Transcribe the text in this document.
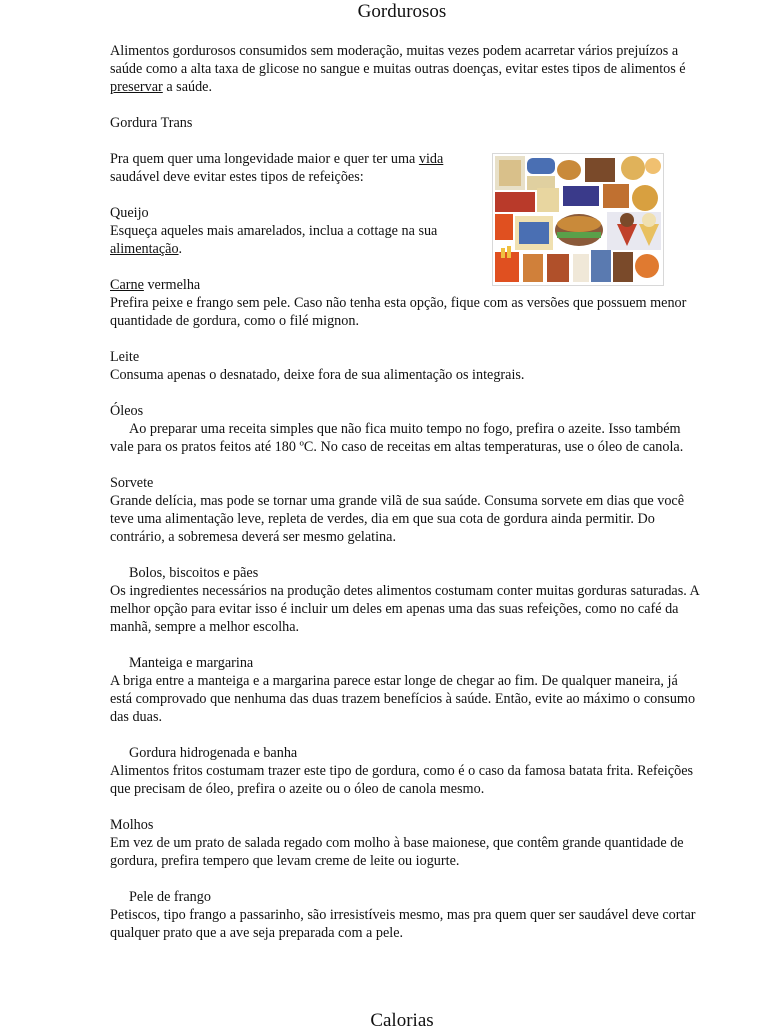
Gordurosos

Alimentos gordurosos consumidos sem moderação, muitas vezes podem acarretar vários prejuízos a saúde como a alta taxa de glicose no sangue e muitas outras doenças, evitar estes tipos de alimentos é preservar a saúde.

Gordura Trans

Pra quem quer uma longevidade maior e quer ter uma vida saudável deve evitar estes tipos de refeições:

Queijo

Esqueça aqueles mais amarelados, inclua a cottage na sua alimentação.

Carne vermelha

Prefira peixe e frango sem pele. Caso não tenha esta opção, fique com as versões que possuem menor quantidade de gordura, como o filé mignon.

Leite

Consuma apenas o desnatado, deixe fora de sua alimentação os integrais.

Óleos

Ao preparar uma receita simples que não fica muito tempo no fogo, prefira o azeite. Isso também vale para os pratos feitos até 180 ºC. No caso de receitas em altas temperaturas, use o óleo de canola.

Sorvete

Grande delícia, mas pode se tornar uma grande vilã de sua saúde. Consuma sorvete em dias que você teve uma alimentação leve, repleta de verdes, dia em que sua cota de gordura ainda permitir. Do contrário, a sobremesa deverá ser mesmo gelatina.

Bolos, biscoitos e pães

Os ingredientes necessários na produção detes alimentos costumam conter muitas gorduras saturadas. A melhor opção para evitar isso é incluir um deles em apenas uma das suas refeições, como no café da manhã, sempre a melhor escolha.

Manteiga e margarina

A briga entre a manteiga e a margarina parece estar longe de chegar ao fim. De qualquer maneira, já está comprovado que nenhuma das duas trazem benefícios à saúde. Então, evite ao máximo o consumo das duas.

Gordura hidrogenada e banha

Alimentos fritos costumam trazer este tipo de gordura, como é o caso da famosa batata frita. Refeições que precisam de óleo, prefira o azeite ou o óleo de canola mesmo.

Molhos

Em vez de um prato de salada regado com molho à base maionese, que contêm grande quantidade de gordura, prefira tempero que levam creme de leite ou iogurte.

Pele de frango

Petiscos, tipo frango a passarinho, são irresistíveis mesmo, mas pra quem quer ser saudável deve cortar qualquer prato que a ave seja preparada com a pele.

Calorias
